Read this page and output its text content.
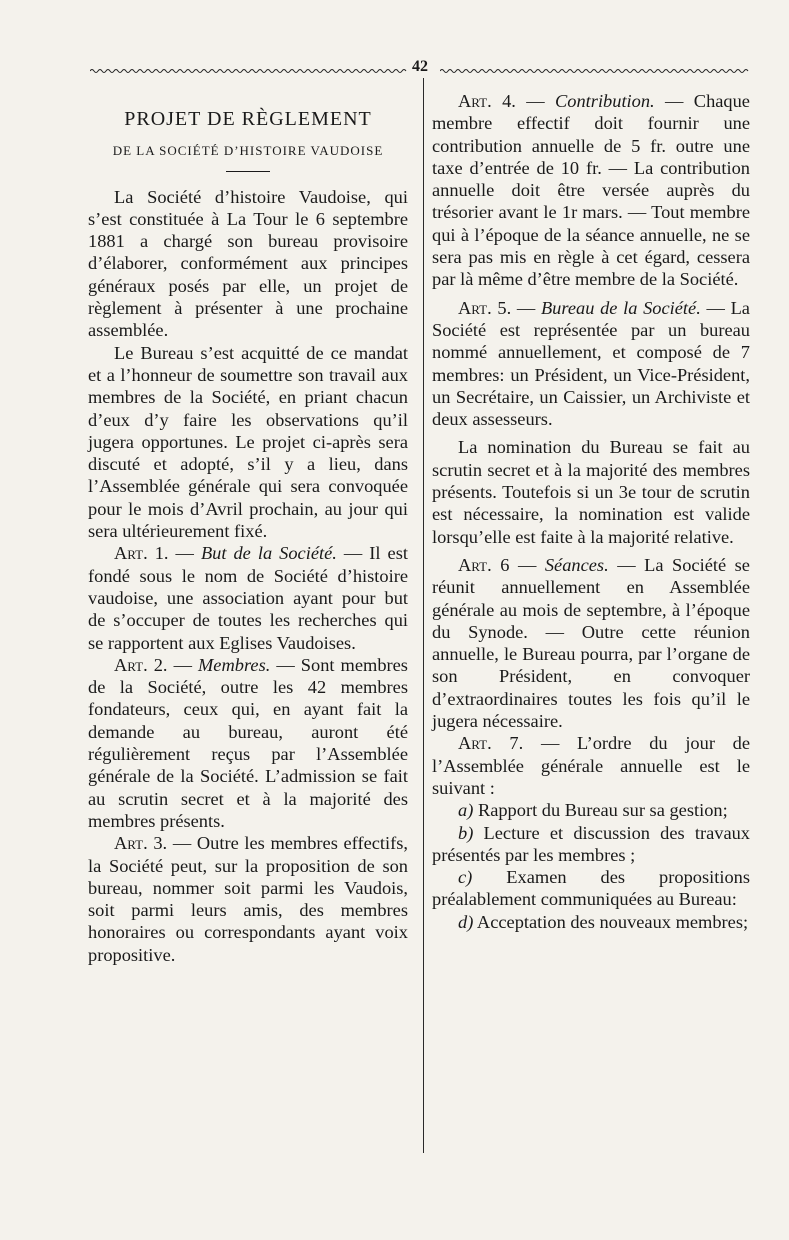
42
PROJET DE RÈGLEMENT
DE LA SOCIÉTÉ D’HISTOIRE VAUDOISE

La Société d’histoire Vaudoise, qui s’est constituée à La Tour le 6 septembre 1881 a chargé son bureau provisoire d’élaborer, conformément aux principes généraux posés par elle, un projet de règlement à présenter à une prochaine assemblée.

Le Bureau s’est acquitté de ce mandat et a l’honneur de soumettre son travail aux membres de la Société, en priant chacun d’eux d’y faire les observations qu’il jugera opportunes. Le projet ci-après sera discuté et adopté, s’il y a lieu, dans l’Assemblée générale qui sera convoquée pour le mois d’Avril prochain, au jour qui sera ultérieurement fixé.

Art. 1. — But de la Société. — Il est fondé sous le nom de Société d’histoire vaudoise, une association ayant pour but de s’occuper de toutes les recherches qui se rapportent aux Eglises Vaudoises.

Art. 2. — Membres. — Sont membres de la Société, outre les 42 membres fondateurs, ceux qui, en ayant fait la demande au bureau, auront été régulièrement reçus par l’Assemblée générale de la Société. L’admission se fait au scrutin secret et à la majorité des membres présents.

Art. 3. — Outre les membres effectifs, la Société peut, sur la proposition de son bureau, nommer soit parmi les Vaudois, soit parmi leurs amis, des membres honoraires ou correspondants ayant voix propositive.

Art. 4. — Contribution. — Chaque membre effectif doit fournir une contribution annuelle de 5 fr. outre une taxe d’entrée de 10 fr. — La contribution annuelle doit être versée auprès du trésorier avant le 1r mars. — Tout membre qui à l’époque de la séance annuelle, ne se sera pas mis en règle à cet égard, cessera par là même d’être membre de la Société.

Art. 5. — Bureau de la Société. — La Société est représentée par un bureau nommé annuellement, et composé de 7 membres: un Président, un Vice-Président, un Secrétaire, un Caissier, un Archiviste et deux assesseurs.

La nomination du Bureau se fait au scrutin secret et à la majorité des membres présents. Toutefois si un 3e tour de scrutin est nécessaire, la nomination est valide lorsqu’elle est faite à la majorité relative.

Art. 6 — Séances. — La Société se réunit annuellement en Assemblée générale au mois de septembre, à l’époque du Synode. — Outre cette réunion annuelle, le Bureau pourra, par l’organe de son Président, en convoquer d’extraordinaires toutes les fois qu’il le jugera nécessaire.

Art. 7. — L’ordre du jour de l’Assemblée générale annuelle est le suivant :

a) Rapport du Bureau sur sa gestion;

b) Lecture et discussion des travaux présentés par les membres ;

c) Examen des propositions préalablement communiquées au Bureau:

d) Acceptation des nouveaux membres;
